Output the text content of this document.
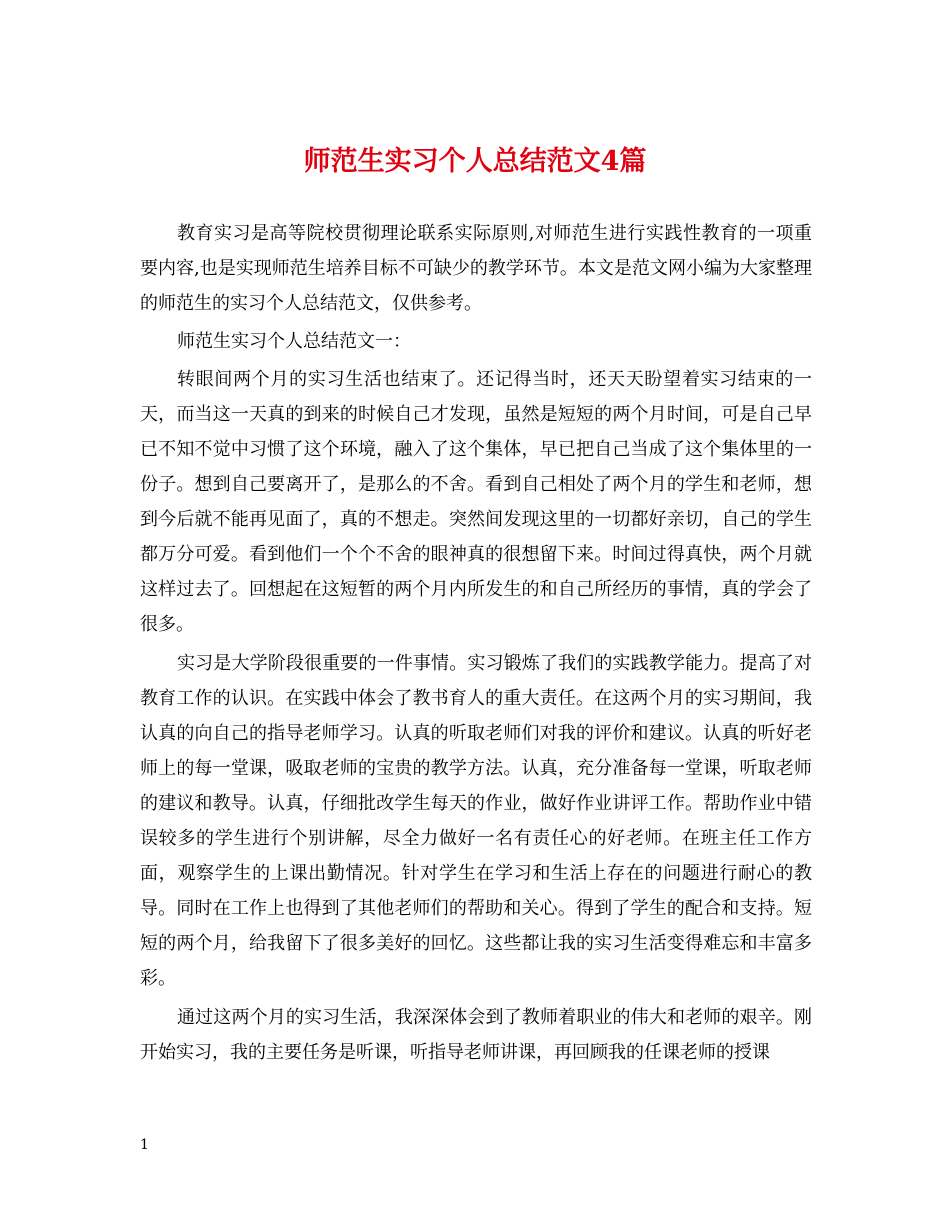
师范生实习个人总结范文4篇

教育实习是高等院校贯彻理论联系实际原则,对师范生进行实践性教育的一项重要内容,也是实现师范生培养目标不可缺少的教学环节。本文是范文网小编为大家整理的师范生的实习个人总结范文，仅供参考。

师范生实习个人总结范文一：

转眼间两个月的实习生活也结束了。还记得当时，还天天盼望着实习结束的一天，而当这一天真的到来的时候自己才发现，虽然是短短的两个月时间，可是自己早已不知不觉中习惯了这个环境，融入了这个集体，早已把自己当成了这个集体里的一份子。想到自己要离开了，是那么的不舍。看到自己相处了两个月的学生和老师，想到今后就不能再见面了，真的不想走。突然间发现这里的一切都好亲切，自己的学生都万分可爱。看到他们一个个不舍的眼神真的很想留下来。时间过得真快，两个月就这样过去了。回想起在这短暂的两个月内所发生的和自己所经历的事情，真的学会了很多。

实习是大学阶段很重要的一件事情。实习锻炼了我们的实践教学能力。提高了对教育工作的认识。在实践中体会了教书育人的重大责任。在这两个月的实习期间，我认真的向自己的指导老师学习。认真的听取老师们对我的评价和建议。认真的听好老师上的每一堂课，吸取老师的宝贵的教学方法。认真，充分准备每一堂课，听取老师的建议和教导。认真，仔细批改学生每天的作业，做好作业讲评工作。帮助作业中错误较多的学生进行个别讲解，尽全力做好一名有责任心的好老师。在班主任工作方面，观察学生的上课出勤情况。针对学生在学习和生活上存在的问题进行耐心的教导。同时在工作上也得到了其他老师们的帮助和关心。得到了学生的配合和支持。短短的两个月，给我留下了很多美好的回忆。这些都让我的实习生活变得难忘和丰富多彩。

通过这两个月的实习生活，我深深体会到了教师着职业的伟大和老师的艰辛。刚开始实习，我的主要任务是听课，听指导老师讲课，再回顾我的任课老师的授课

1
